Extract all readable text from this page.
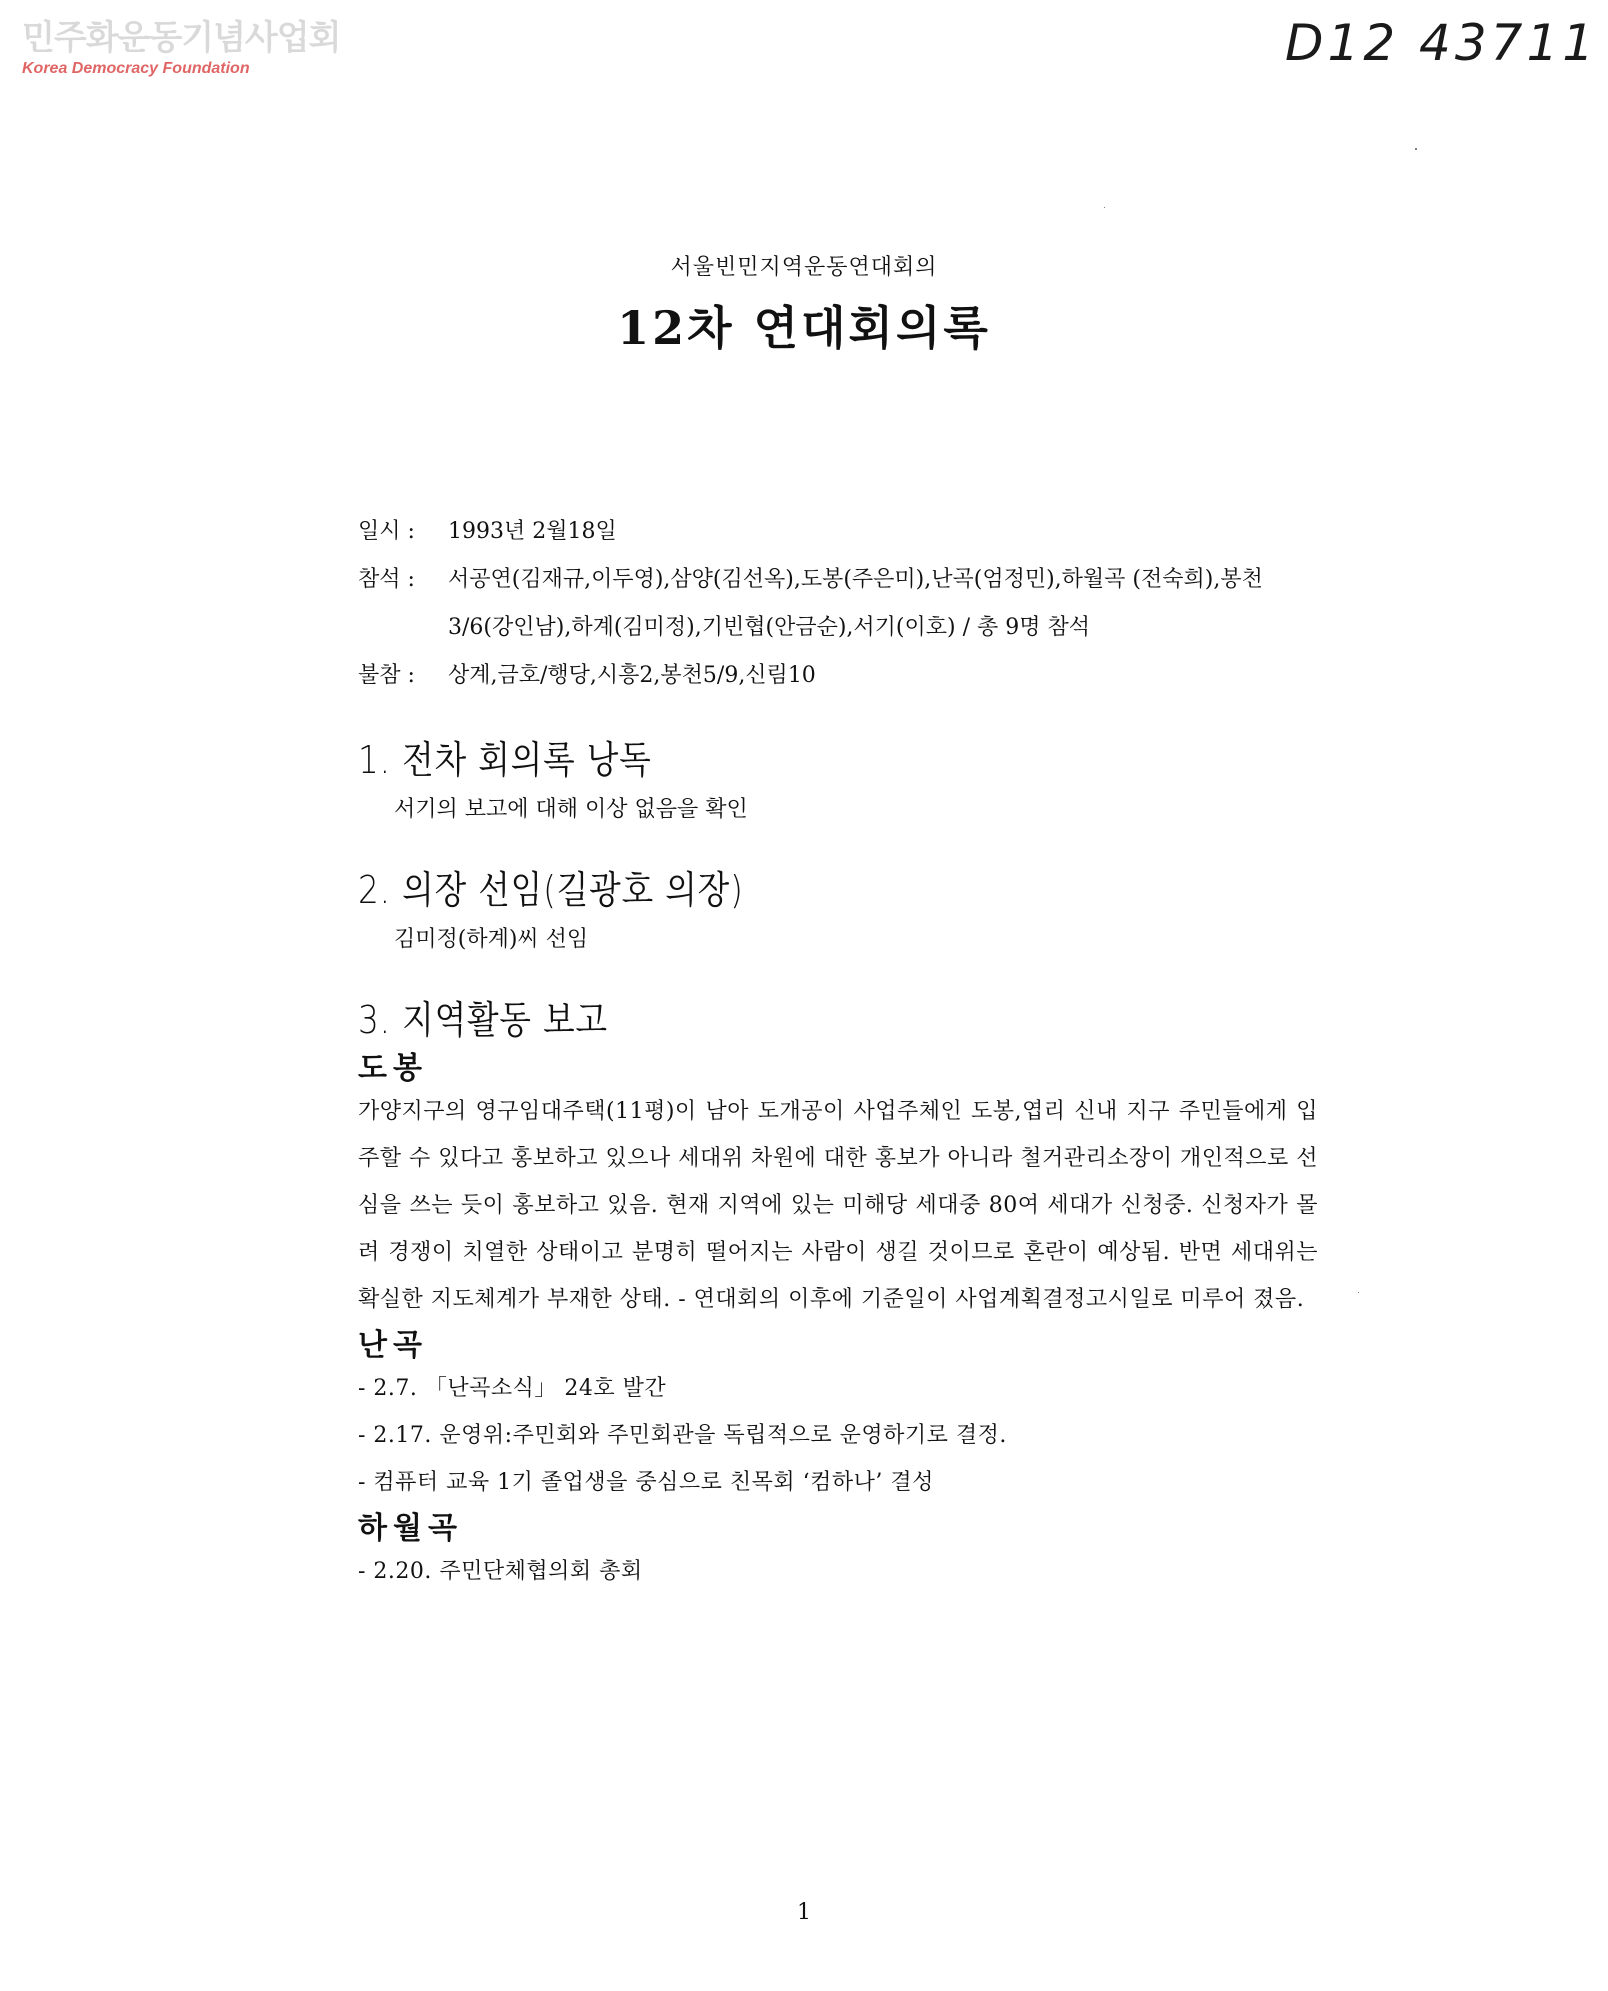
민주화운동기념사업회
Korea Democracy Foundation	D12 43711
서울빈민지역운동연대회의
12차 연대회의록
일시 :	1993년 2월18일
참석 :	서공연(김재규,이두영),삼양(김선옥),도봉(주은미),난곡(엄정민),하월곡 (전숙희),봉천3/6(강인남),하계(김미정),기빈협(안금순),서기(이호) / 총 9명 참석
불참 :	상계,금호/행당,시흥2,봉천5/9,신림10
1. 전차 회의록 낭독
서기의 보고에 대해 이상 없음을 확인
2. 의장 선임(길광호 의장)
김미정(하계)씨 선임
3. 지역활동 보고
도봉
가양지구의 영구임대주택(11평)이 남아 도개공이 사업주체인 도봉,엽리 신내 지구 주민들에게 입주할 수 있다고 홍보하고 있으나 세대위 차원에 대한 홍보가 아니라 철거관리소장이 개인적으로 선심을 쓰는 듯이 홍보하고 있음. 현재 지역에 있는 미해당 세대중 80여 세대가 신청중. 신청자가 몰려 경쟁이 치열한 상태이고 분명히 떨어지는 사람이 생길 것이므로 혼란이 예상됨. 반면 세대위는 확실한 지도체계가 부재한 상태. - 연대회의 이후에 기준일이 사업계획결정고시일로 미루어 졌음.
난곡
- 2.7. 「난곡소식」 24호 발간
- 2.17. 운영위:주민회와 주민회관을 독립적으로 운영하기로 결정.
- 컴퓨터 교육 1기 졸업생을 중심으로 친목회 ‘컴하나’ 결성
하월곡
- 2.20. 주민단체협의회 총회
1
